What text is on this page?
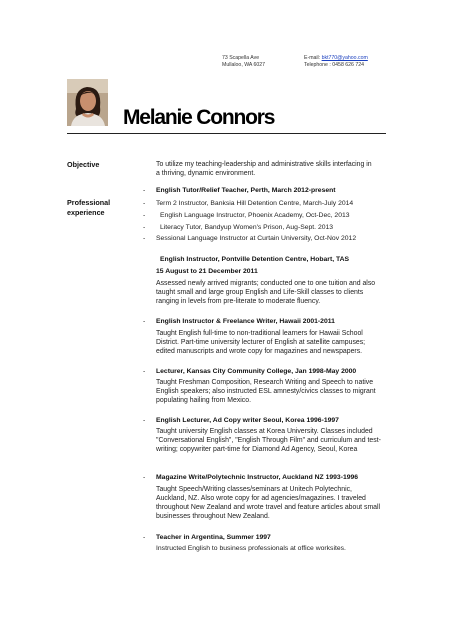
73 Scapella Ave
Mullaloo, WA 6027
E-mail: bkt770@yahoo.com
Telephone : 0458 626 724
Melanie Connors
Objective	To utilize my teaching-leadership and administrative skills interfacing in a thriving, dynamic environment.
Professional
experience
- English Tutor/Relief Teacher, Perth, March 2012-present
- Term 2 Instructor, Banksia Hill Detention Centre, March-July 2014
- English Language Instructor, Phoenix Academy, Oct-Dec, 2013
- Literacy Tutor, Bandyup Women's Prison, Aug-Sept. 2013
- Sessional Language Instructor at Curtain University, Oct-Nov 2012
English Instructor, Pontville Detention Centre, Hobart, TAS
15 August to 21 December 2011
Assessed newly arrived migrants; conducted one to one tuition and also taught small and large group English and Life-Skill classes to clients ranging in levels from pre-literate to moderate fluency.
- English Instructor & Freelance Writer, Hawaii 2001-2011
Taught English full-time to non-traditional learners for Hawaii School District. Part-time university lecturer of English at satellite campuses; edited manuscripts and wrote copy for magazines and newspapers.
- Lecturer, Kansas City Community College, Jan 1998-May 2000
Taught Freshman Composition, Research Writing and Speech to native English speakers; also instructed ESL amnesty/civics classes to migrant populating hailing from Mexico.
- English Lecturer, Ad Copy writer Seoul, Korea 1996-1997
Taught university English classes at Korea University. Classes included "Conversational English", "English Through Film" and curriculum and test-writing; copywriter part-time for Diamond Ad Agency, Seoul, Korea
- Magazine Write/Polytechnic Instructor, Auckland NZ 1993-1996
Taught Speech/Writing classes/seminars at Unitech Polytechnic, Auckland, NZ. Also wrote copy for ad agencies/magazines. I traveled throughout New Zealand and wrote travel and feature articles about small businesses throughout New Zealand.
- Teacher in Argentina, Summer 1997
Instructed English to business professionals at office worksites.
